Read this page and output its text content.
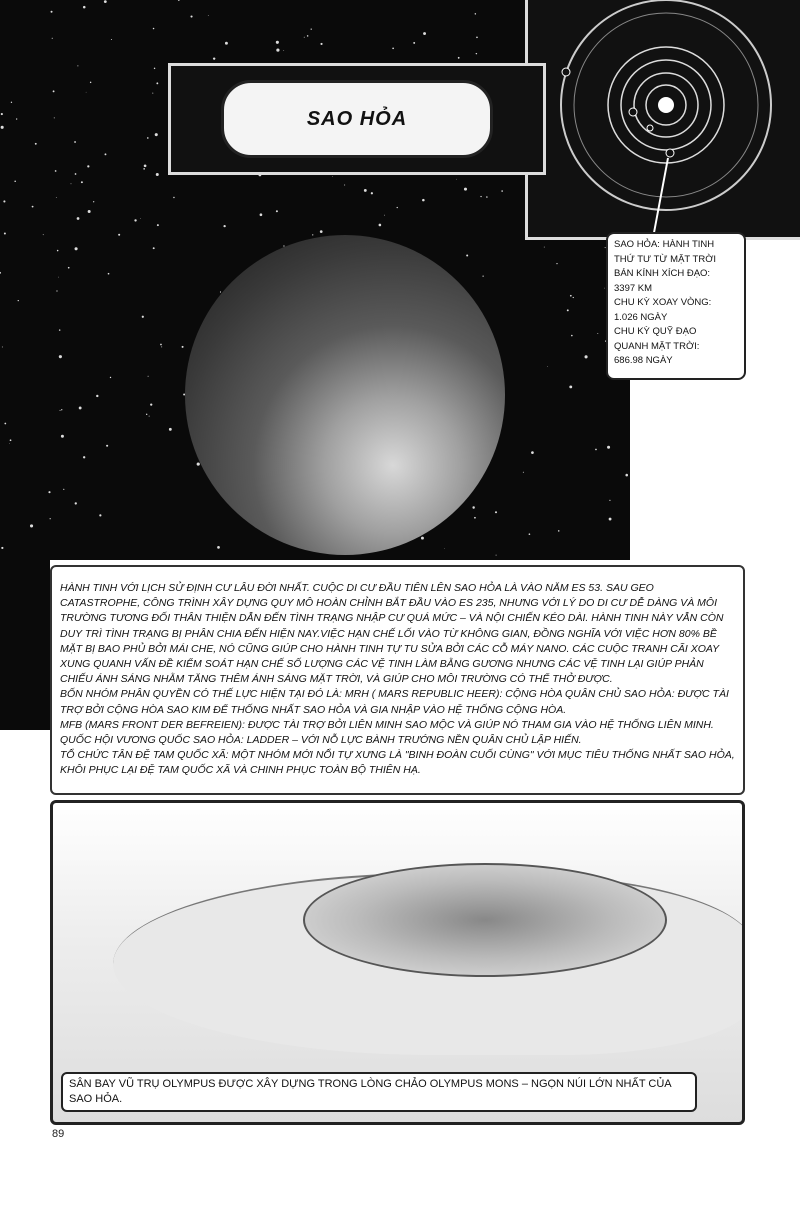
SAO HỎA
SAO HỎA: HÀNH TINH
THỨ TƯ TỪ MẶT TRỜI
BÁN KÍNH XÍCH ĐẠO:
3397 KM
CHU KỲ XOAY VÒNG:
1.026 NGÀY
CHU KỲ QUỸ ĐẠO
QUANH MẶT TRỜI:
686.98 NGÀY

HÀNH TINH VỚI LỊCH SỬ ĐỊNH CƯ LÂU ĐỜI NHẤT. CUỘC DI CƯ ĐẦU TIÊN LÊN SAO HỎA LÀ VÀO NĂM ES 53. SAU GEO CATASTROPHE, CÔNG TRÌNH XÂY DỰNG QUY MÔ HOÀN CHỈNH BẮT ĐẦU VÀO ES 235, NHƯNG VỚI LÝ DO DI CƯ DỄ DÀNG VÀ MÔI TRƯỜNG TƯƠNG ĐỐI THÂN THIỆN DẪN ĐẾN TÌNH TRẠNG NHẬP CƯ QUÁ MỨC – VÀ NỘI CHIẾN KÉO DÀI. HÀNH TINH NÀY VẪN CÒN DUY TRÌ TÌNH TRẠNG BỊ PHÂN CHIA ĐẾN HIỆN NAY.VIỆC HẠN CHẾ LỐI VÀO TỪ KHÔNG GIAN, ĐỒNG NGHĨA VỚI VIỆC HƠN 80% BỀ MẶT BỊ BAO PHỦ BỞI MÁI CHE, NÓ CŨNG GIÚP CHO HÀNH TINH TỰ TU SỬA BỞI CÁC CỖ MÁY NANO. CÁC CUỘC TRANH CÃI XOAY XUNG QUANH VẤN ĐỀ KIỂM SOÁT HẠN CHẾ SỐ LƯỢNG CÁC VỆ TINH LÀM BẰNG GƯƠNG NHƯNG CÁC VỆ TINH LẠI GIÚP PHẢN CHIẾU ÁNH SÁNG NHẰM TĂNG THÊM ÁNH SÁNG MẶT TRỜI, VÀ GIÚP CHO MÔI TRƯỜNG CÓ THỂ THỞ ĐƯỢC.

BỐN NHÓM PHÂN QUYỀN CÓ THẾ LỰC HIỆN TẠI ĐÓ LÀ: MRH ( MARS REPUBLIC HEER): CỘNG HÒA QUÂN CHỦ SAO HỎA: ĐƯỢC TÀI TRỢ BỞI CỘNG HÒA SAO KIM ĐỂ THỐNG NHẤT SAO HỎA VÀ GIA NHẬP VÀO HỆ THỐNG CỘNG HÒA.

MFB (MARS FRONT DER BEFREIEN): ĐƯỢC TÀI TRỢ BỞI LIÊN MINH SAO MỘC VÀ GIÚP NÓ THAM GIA VÀO HỆ THỐNG LIÊN MINH.

QUỐC HỘI VƯƠNG QUỐC SAO HỎA: LADDER – VỚI NỖ LỰC BÀNH TRƯỚNG NỀN QUÂN CHỦ LẬP HIẾN.

TỔ CHỨC TÂN ĐỆ TAM QUỐC XÃ: MỘT NHÓM MỚI NỔI TỰ XƯNG LÀ "BINH ĐOÀN CUỐI CÙNG" VỚI MỤC TIÊU THỐNG NHẤT SAO HỎA, KHÔI PHỤC LẠI ĐỆ TAM QUỐC XÃ VÀ CHINH PHỤC TOÀN BỘ THIÊN HẠ.

SÂN BAY VŨ TRỤ OLYMPUS ĐƯỢC XÂY DỰNG TRONG LÒNG CHẢO OLYMPUS MONS – NGỌN NÚI LỚN NHẤT CỦA SAO HỎA.
89
